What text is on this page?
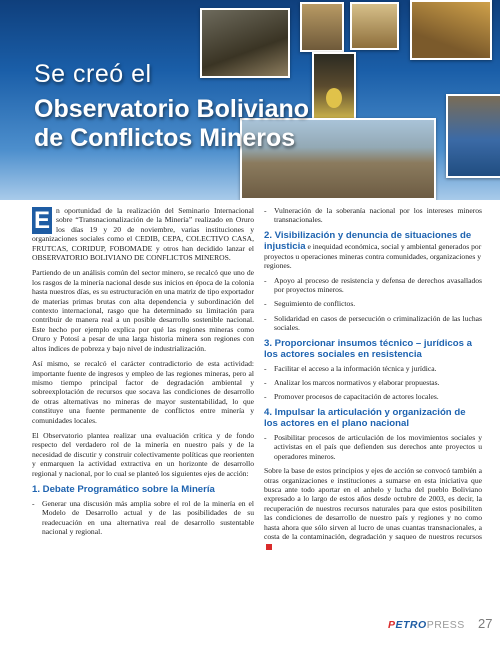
Se creó el
Observatorio Boliviano
de Conflictos Mineros

E n oportunidad de la realización del Seminario Internacional sobre “Transnacionalización de la Minería” realizado en Oruro los días 19 y 20 de noviembre, varias instituciones y organizaciones sociales como el CEDIB, CEPA, COLECTIVO CASA, FRUTCAS, CORIDUP, FOBOMADE y otros han decidido lanzar el OBSERVATORIO BOLIVIANO DE CONFLICTOS MINEROS.

Partiendo de un análisis común del sector minero, se recalcó que uno de los rasgos de la minería nacional desde sus inicios en época de la colonia hasta nuestros días, es su estructuración en una matriz de tipo exportador de materias primas brutas con alta dependencia y subordinación del contexto internacional, rasgo que ha determinado su limitación para contribuir de manera real a un posible desarrollo sostenible nacional. Este hecho por ejemplo explica por qué las regiones mineras como Oruro y Potosí a pesar de una larga historia minera son regiones con altos índices de pobreza y bajo nivel de industrialización.

Así mismo, se recalcó el carácter contradictorio de esta actividad: importante fuente de ingresos y empleo de las regiones mineras, pero al mismo tiempo principal factor de degradación ambiental y sobreexplotación de recursos que socava las condiciones de desarrollo de otras alternativas no mineras de mayor sustentabilidad, lo que constituye una fuente permanente de conflictos entre minería y comunidades locales.

El Observatorio plantea realizar una evaluación crítica y de fondo respecto del verdadero rol de la minería en nuestro país y de la necesidad de discutir y construir colectivamente políticas que reorienten y enmarquen la actividad extractiva en un horizonte de desarrollo regional y nacional, por lo cual se planteó los siguientes ejes de acción:

1. Debate Programático sobre la Minería
- Generar una discusión más amplia sobre el rol de la minería en el Modelo de Desarrollo actual y de las posibilidades de su readecuación en una alternativa real de desarrollo sustentable nacional y regional.
- Vulneración de la soberanía nacional por los intereses mineros transnacionales.
2. Visibilización y denuncia de situaciones de injusticia e inequidad económica, social y ambiental generados por proyectos u operaciones mineras contra comunidades, organizaciones y regiones.
- Apoyo al proceso de resistencia y defensa de derechos avasallados por proyectos mineros.
- Seguimiento de conflictos.
- Solidaridad en casos de persecución o criminalización de las luchas sociales.
3. Proporcionar insumos técnico – jurídicos a los actores sociales en resistencia
- Facilitar el acceso a la información técnica y jurídica.
- Analizar los marcos normativos y elaborar propuestas.
- Promover procesos de capacitación de actores locales.
4. Impulsar la articulación y organización de los actores en el plano nacional
- Posibilitar procesos de articulación de los movimientos sociales y activistas en el país que defienden sus derechos ante proyectos u operadores mineros.

Sobre la base de estos principios y ejes de acción se convocó también a otras organizaciones e instituciones a sumarse en esta iniciativa que busca ante todo aportar en el anhelo y lucha del pueblo Boliviano expresado a lo largo de estos años desde octubre de 2003, es decir, la recuperación de nuestros recursos naturales para que estos posibiliten las condiciones de desarrollo de nuestro país y regiones y no como hasta ahora que sólo sirven al lucro de unas cuantas transnacionales, a costa de la contaminación, degradación y saqueo de nuestros recursos

PETROPRESS 27
